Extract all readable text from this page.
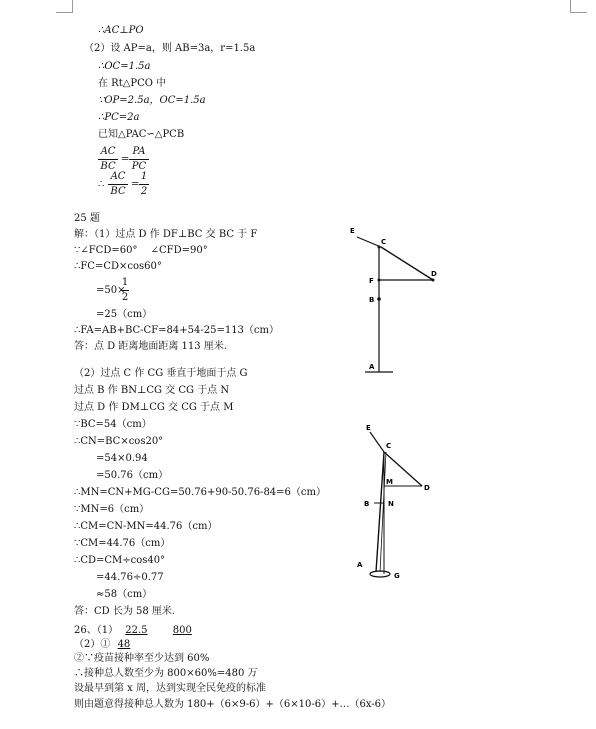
∴AC⊥PO
（2）设 AP=a，则 AB=3a，r=1.5a
∴OC=1.5a
在 Rt△PCO 中
∵OP=2.5a，OC=1.5a
∴PC=2a
已知△PAC∽△PCB
AC
BC
=
PA
PC
∴
AC
BC
=
1
2
25 题
解：（1）过点 D 作 DF⊥BC 交 BC 于 F
∵∠FCD=60°　 ∠CFD=90°
∴FC=CD×cos60°
=50×
1
2
=25（cm）
∴FA=AB+BC-CF=84+54-25=113（cm）
答：点 D 距离地面距离 113 厘米.
E
C
D
F
B
A
（2）过点 C 作 CG 垂直于地面于点 G
过点 B 作 BN⊥CG 交 CG 于点 N
过点 D 作 DM⊥CG 交 CG 于点 M
∵BC=54（cm）
∴CN=BC×cos20°
=54×0.94
=50.76（cm）
∴MN=CN+MG-CG=50.76+90-50.76-84=6（cm）
∵MN=6（cm）
∴CM=CN-MN=44.76（cm）
∵CM=44.76（cm）
∴CD=CM÷cos40°
=44.76÷0.77
≈58（cm）
答：CD 长为 58 厘米.
E
C
M
D
B	N
A
G
26、（1） 22.5	800
（2）① 48
②∵疫苗接种率至少达到 60%
∴接种总人数至少为 800×60%=480 万
设最早到第 x 周，达到实现全民免疫的标准
则由题意得接种总人数为 180+（6×9-6）+（6×10-6）+…（6x-6）
